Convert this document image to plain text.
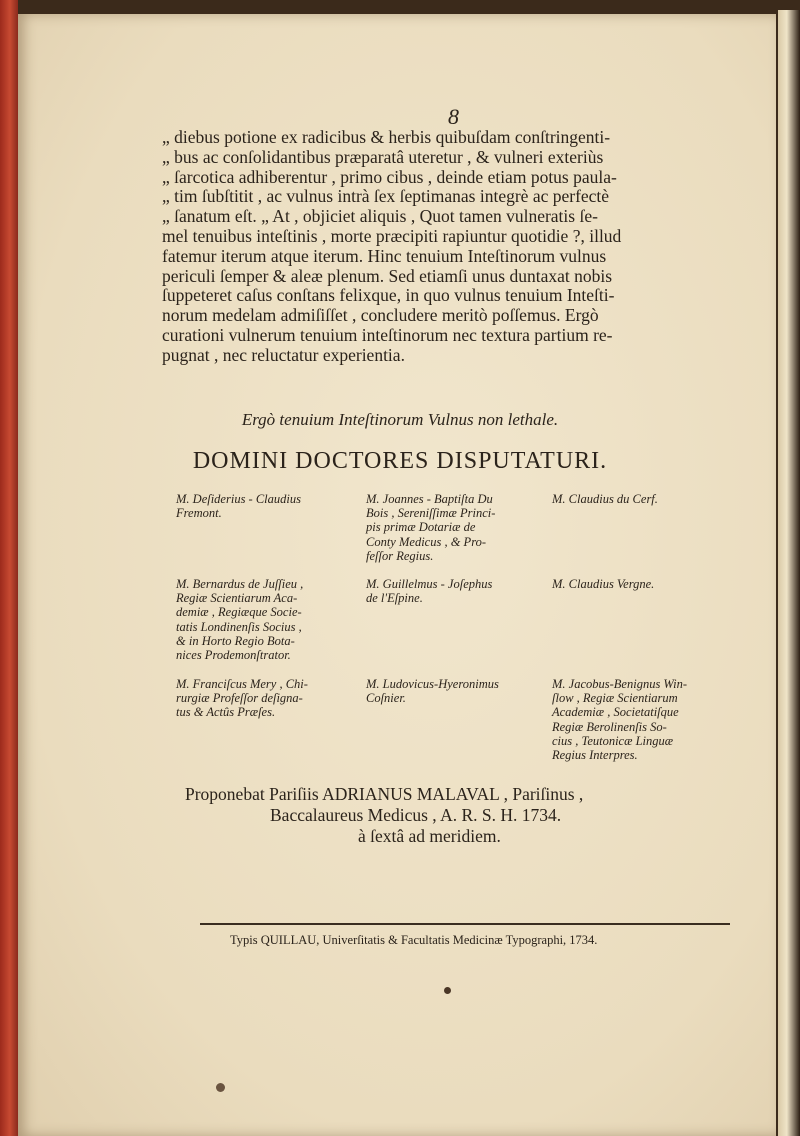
8
„ diebus potione ex radicibus & herbis quibuſdam conſtringenti-
„ bus ac conſolidantibus præparatâ uteretur , & vulneri exteriùs
„ ſarcotica adhiberentur , primo cibus , deinde etiam potus paula-
„ tim ſubſtitit , ac vulnus intrà ſex ſeptimanas integrè ac perfectè
„ ſanatum eſt. „ At , objiciet aliquis , Quot tamen vulneratis ſe-
mel tenuibus inteſtinis , morte præcipiti rapiuntur quotidie ?, illud
fatemur iterum atque iterum. Hinc tenuium Inteſtinorum vulnus
periculi ſemper & aleæ plenum. Sed etiamſi unus duntaxat nobis
ſuppeteret caſus conſtans felixque, in quo vulnus tenuium Inteſti-
norum medelam admiſiſſet , concludere meritò poſſemus. Ergò
curationi vulnerum tenuium inteſtinorum nec textura partium re-
pugnat , nec reluctatur experientia.
Ergò tenuium Inteſtinorum Vulnus non lethale.
DOMINI DOCTORES DISPUTATURI.
M. Deſiderius - Claudius
Fremont.
M. Joannes - Baptiſta Du
Bois , Sereniſſimæ Princi-
pis primæ Dotariæ de
Conty Medicus , & Pro-
feſſor Regius.
M. Claudius du Cerf.
M. Bernardus de Juſſieu ,
Regiæ Scientiarum Aca-
demiæ , Regiæque Socie-
tatis Londinenſis Socius ,
& in Horto Regio Bota-
nices Prodemonſtrator.
M. Guillelmus - Joſephus
de l'Eſpine.
M. Claudius Vergne.
M. Franciſcus Mery , Chi-
rurgiæ Profeſſor deſigna-
tus & Actûs Præſes.
M. Ludovicus-Hyeronimus
Coſnier.
M. Jacobus-Benignus Win-
ſlow , Regiæ Scientiarum
Academiæ , Societatiſque
Regiæ Berolinenſis So-
cius , Teutonicæ Linguæ
Regius Interpres.
Proponebat Pariſiis ADRIANUS MALAVAL , Pariſinus ,
Baccalaureus Medicus , A. R. S. H. 1734.
à ſextâ ad meridiem.
Typis QUILLAU, Univerſitatis & Facultatis Medicinæ Typographi, 1734.
